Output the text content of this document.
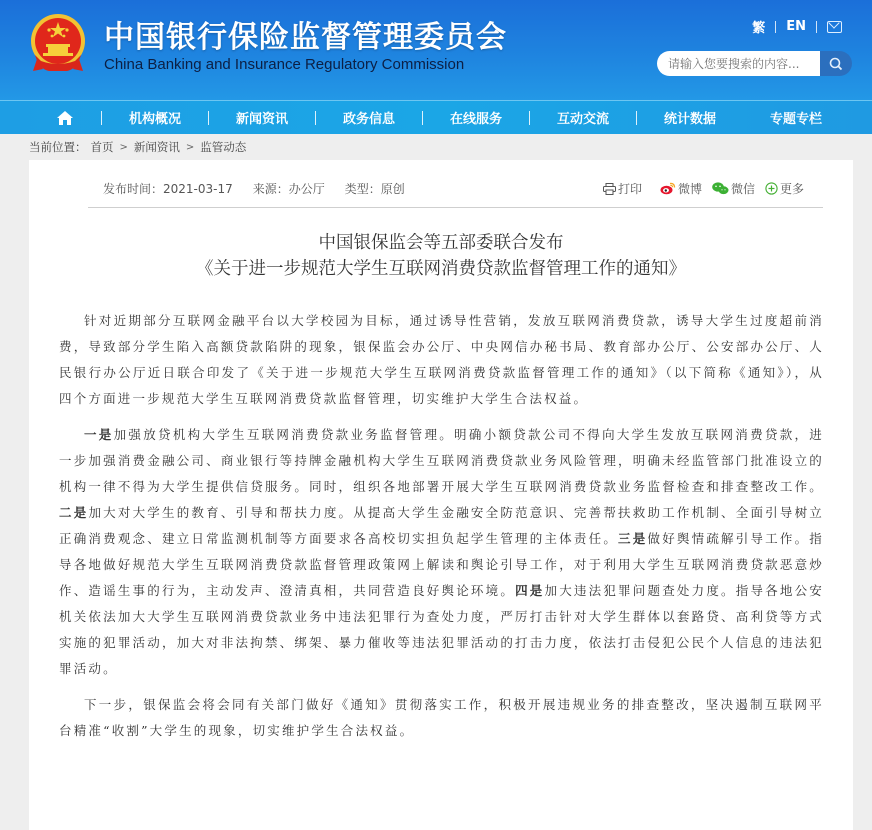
中国银行保险监督管理委员会
China Banking and Insurance Regulatory Commission
繁 EN
请输入您要搜索的内容...
机构概况	新闻资讯	政务信息	在线服务	互动交流	统计数据	专题专栏
当前位置： 首页 > 新闻资讯 > 监管动态
发布时间：2021-03-17 来源：办公厅 类型：原创	打印	微博 微信 更多
中国银保监会等五部委联合发布
《关于进一步规范大学生互联网消费贷款监督管理工作的通知》

针对近期部分互联网金融平台以大学校园为目标，通过诱导性营销，发放互联网消费贷款，诱导大学生过度超前消费，导致部分学生陷入高额贷款陷阱的现象，银保监会办公厅、中央网信办秘书局、教育部办公厅、公安部办公厅、人民银行办公厅近日联合印发了《关于进一步规范大学生互联网消费贷款监督管理工作的通知》（以下简称《通知》），从四个方面进一步规范大学生互联网消费贷款监督管理，切实维护大学生合法权益。

一是加强放贷机构大学生互联网消费贷款业务监督管理。明确小额贷款公司不得向大学生发放互联网消费贷款，进一步加强消费金融公司、商业银行等持牌金融机构大学生互联网消费贷款业务风险管理，明确未经监管部门批准设立的机构一律不得为大学生提供信贷服务。同时，组织各地部署开展大学生互联网消费贷款业务监督检查和排查整改工作。二是加大对大学生的教育、引导和帮扶力度。从提高大学生金融安全防范意识、完善帮扶救助工作机制、全面引导树立正确消费观念、建立日常监测机制等方面要求各高校切实担负起学生管理的主体责任。三是做好舆情疏解引导工作。指导各地做好规范大学生互联网消费贷款监督管理政策网上解读和舆论引导工作，对于利用大学生互联网消费贷款恶意炒作、造谣生事的行为，主动发声、澄清真相，共同营造良好舆论环境。四是加大违法犯罪问题查处力度。指导各地公安机关依法加大大学生互联网消费贷款业务中违法犯罪行为查处力度，严厉打击针对大学生群体以套路贷、高利贷等方式实施的犯罪活动，加大对非法拘禁、绑架、暴力催收等违法犯罪活动的打击力度，依法打击侵犯公民个人信息的违法犯罪活动。

下一步，银保监会将会同有关部门做好《通知》贯彻落实工作，积极开展违规业务的排查整改，坚决遏制互联网平台精准“收割”大学生的现象，切实维护学生合法权益。
